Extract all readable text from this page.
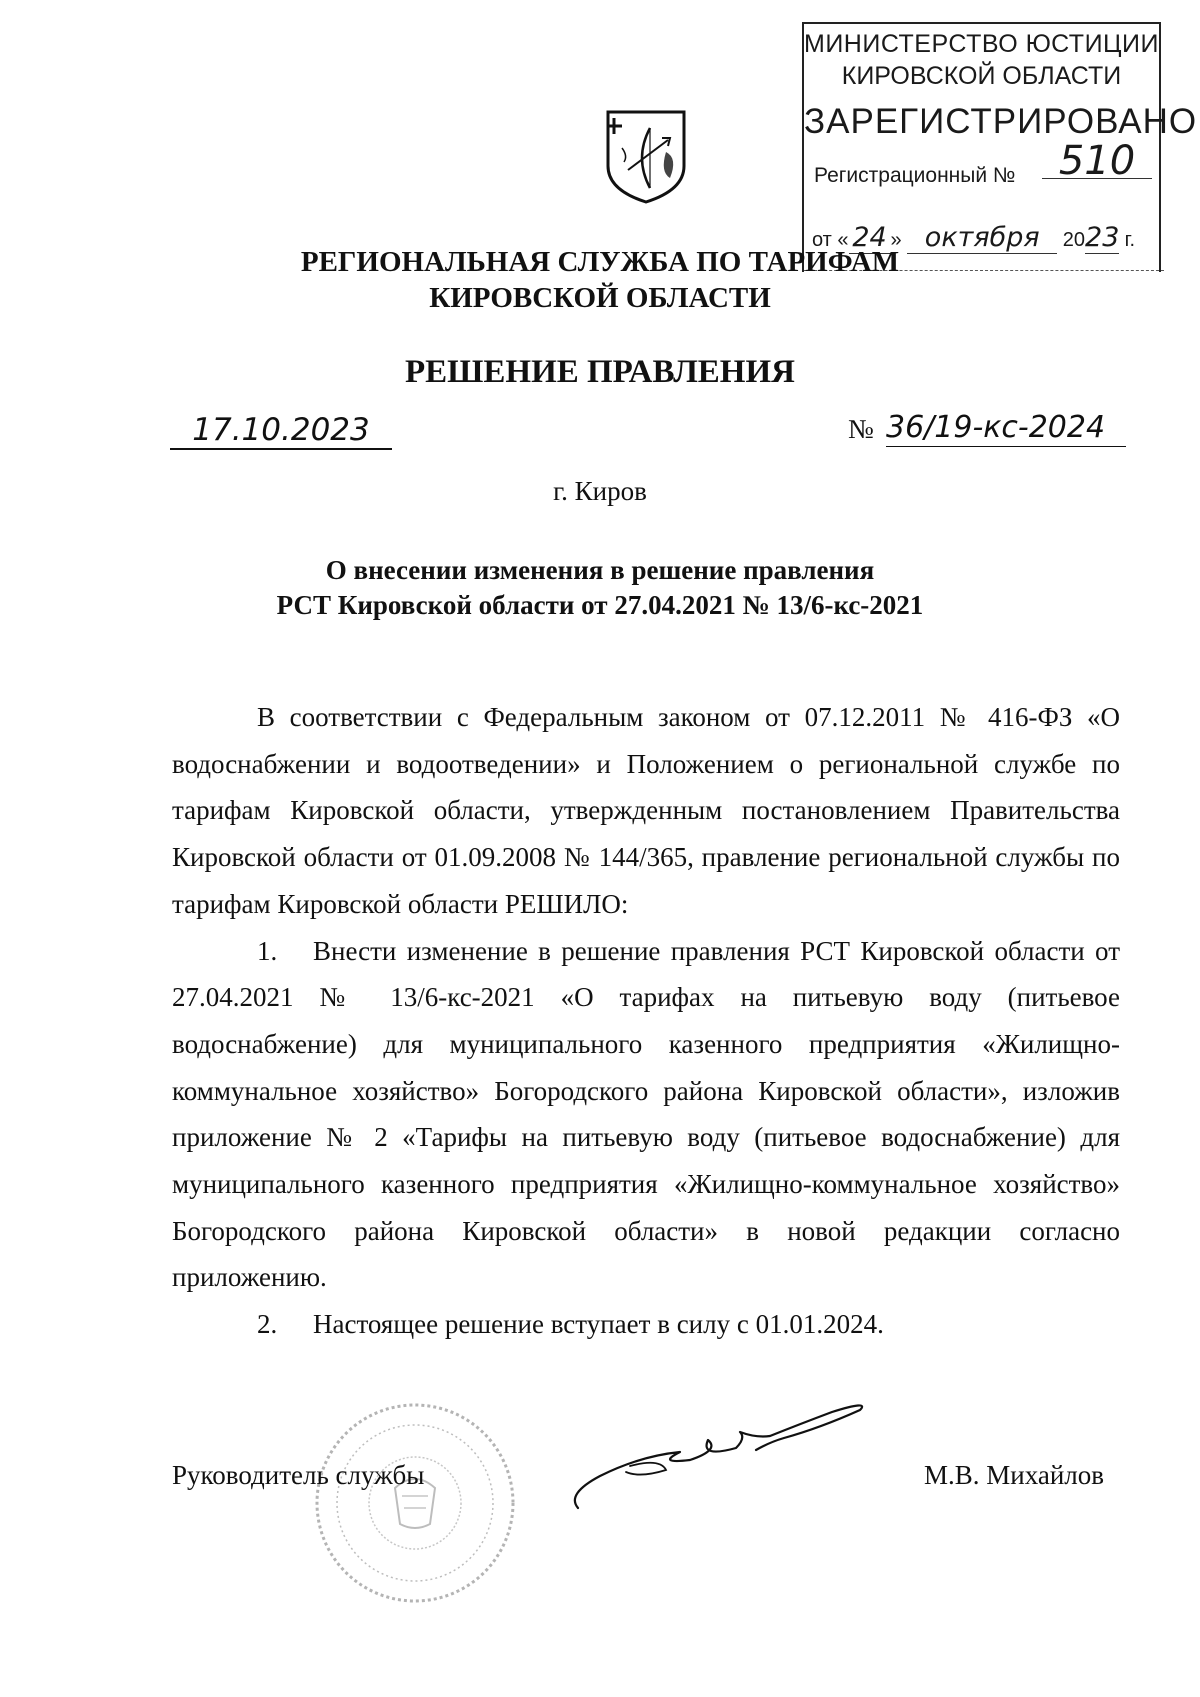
МИНИСТЕРСТВО ЮСТИЦИИ
КИРОВСКОЙ ОБЛАСТИ
ЗАРЕГИСТРИРОВАНО
Регистрационный №	510
от « 24 » октября 2023 г.
РЕГИОНАЛЬНАЯ СЛУЖБА ПО ТАРИФАМ
КИРОВСКОЙ ОБЛАСТИ
РЕШЕНИЕ ПРАВЛЕНИЯ
17.10.2023	№ 36/19-кс-2024
г. Киров
О внесении изменения в решение правления
РСТ Кировской области от 27.04.2021 № 13/6-кс-2021

В соответствии с Федеральным законом от 07.12.2011 № 416-ФЗ «О водоснабжении и водоотведении» и Положением о региональной службе по тарифам Кировской области, утвержденным постановлением Правительства Кировской области от 01.09.2008 № 144/365, правление региональной службы по тарифам Кировской области РЕШИЛО:

1. Внести изменение в решение правления РСТ Кировской области от 27.04.2021 № 13/6-кс-2021 «О тарифах на питьевую воду (питьевое водоснабжение) для муниципального казенного предприятия «Жилищно-коммунальное хозяйство» Богородского района Кировской области», изложив приложение № 2 «Тарифы на питьевую воду (питьевое водоснабжение) для муниципального казенного предприятия «Жилищно-коммунальное хозяйство» Богородского района Кировской области» в новой редакции согласно приложению.

2. Настоящее решение вступает в силу с 01.01.2024.

Руководитель службы	М.В. Михайлов
